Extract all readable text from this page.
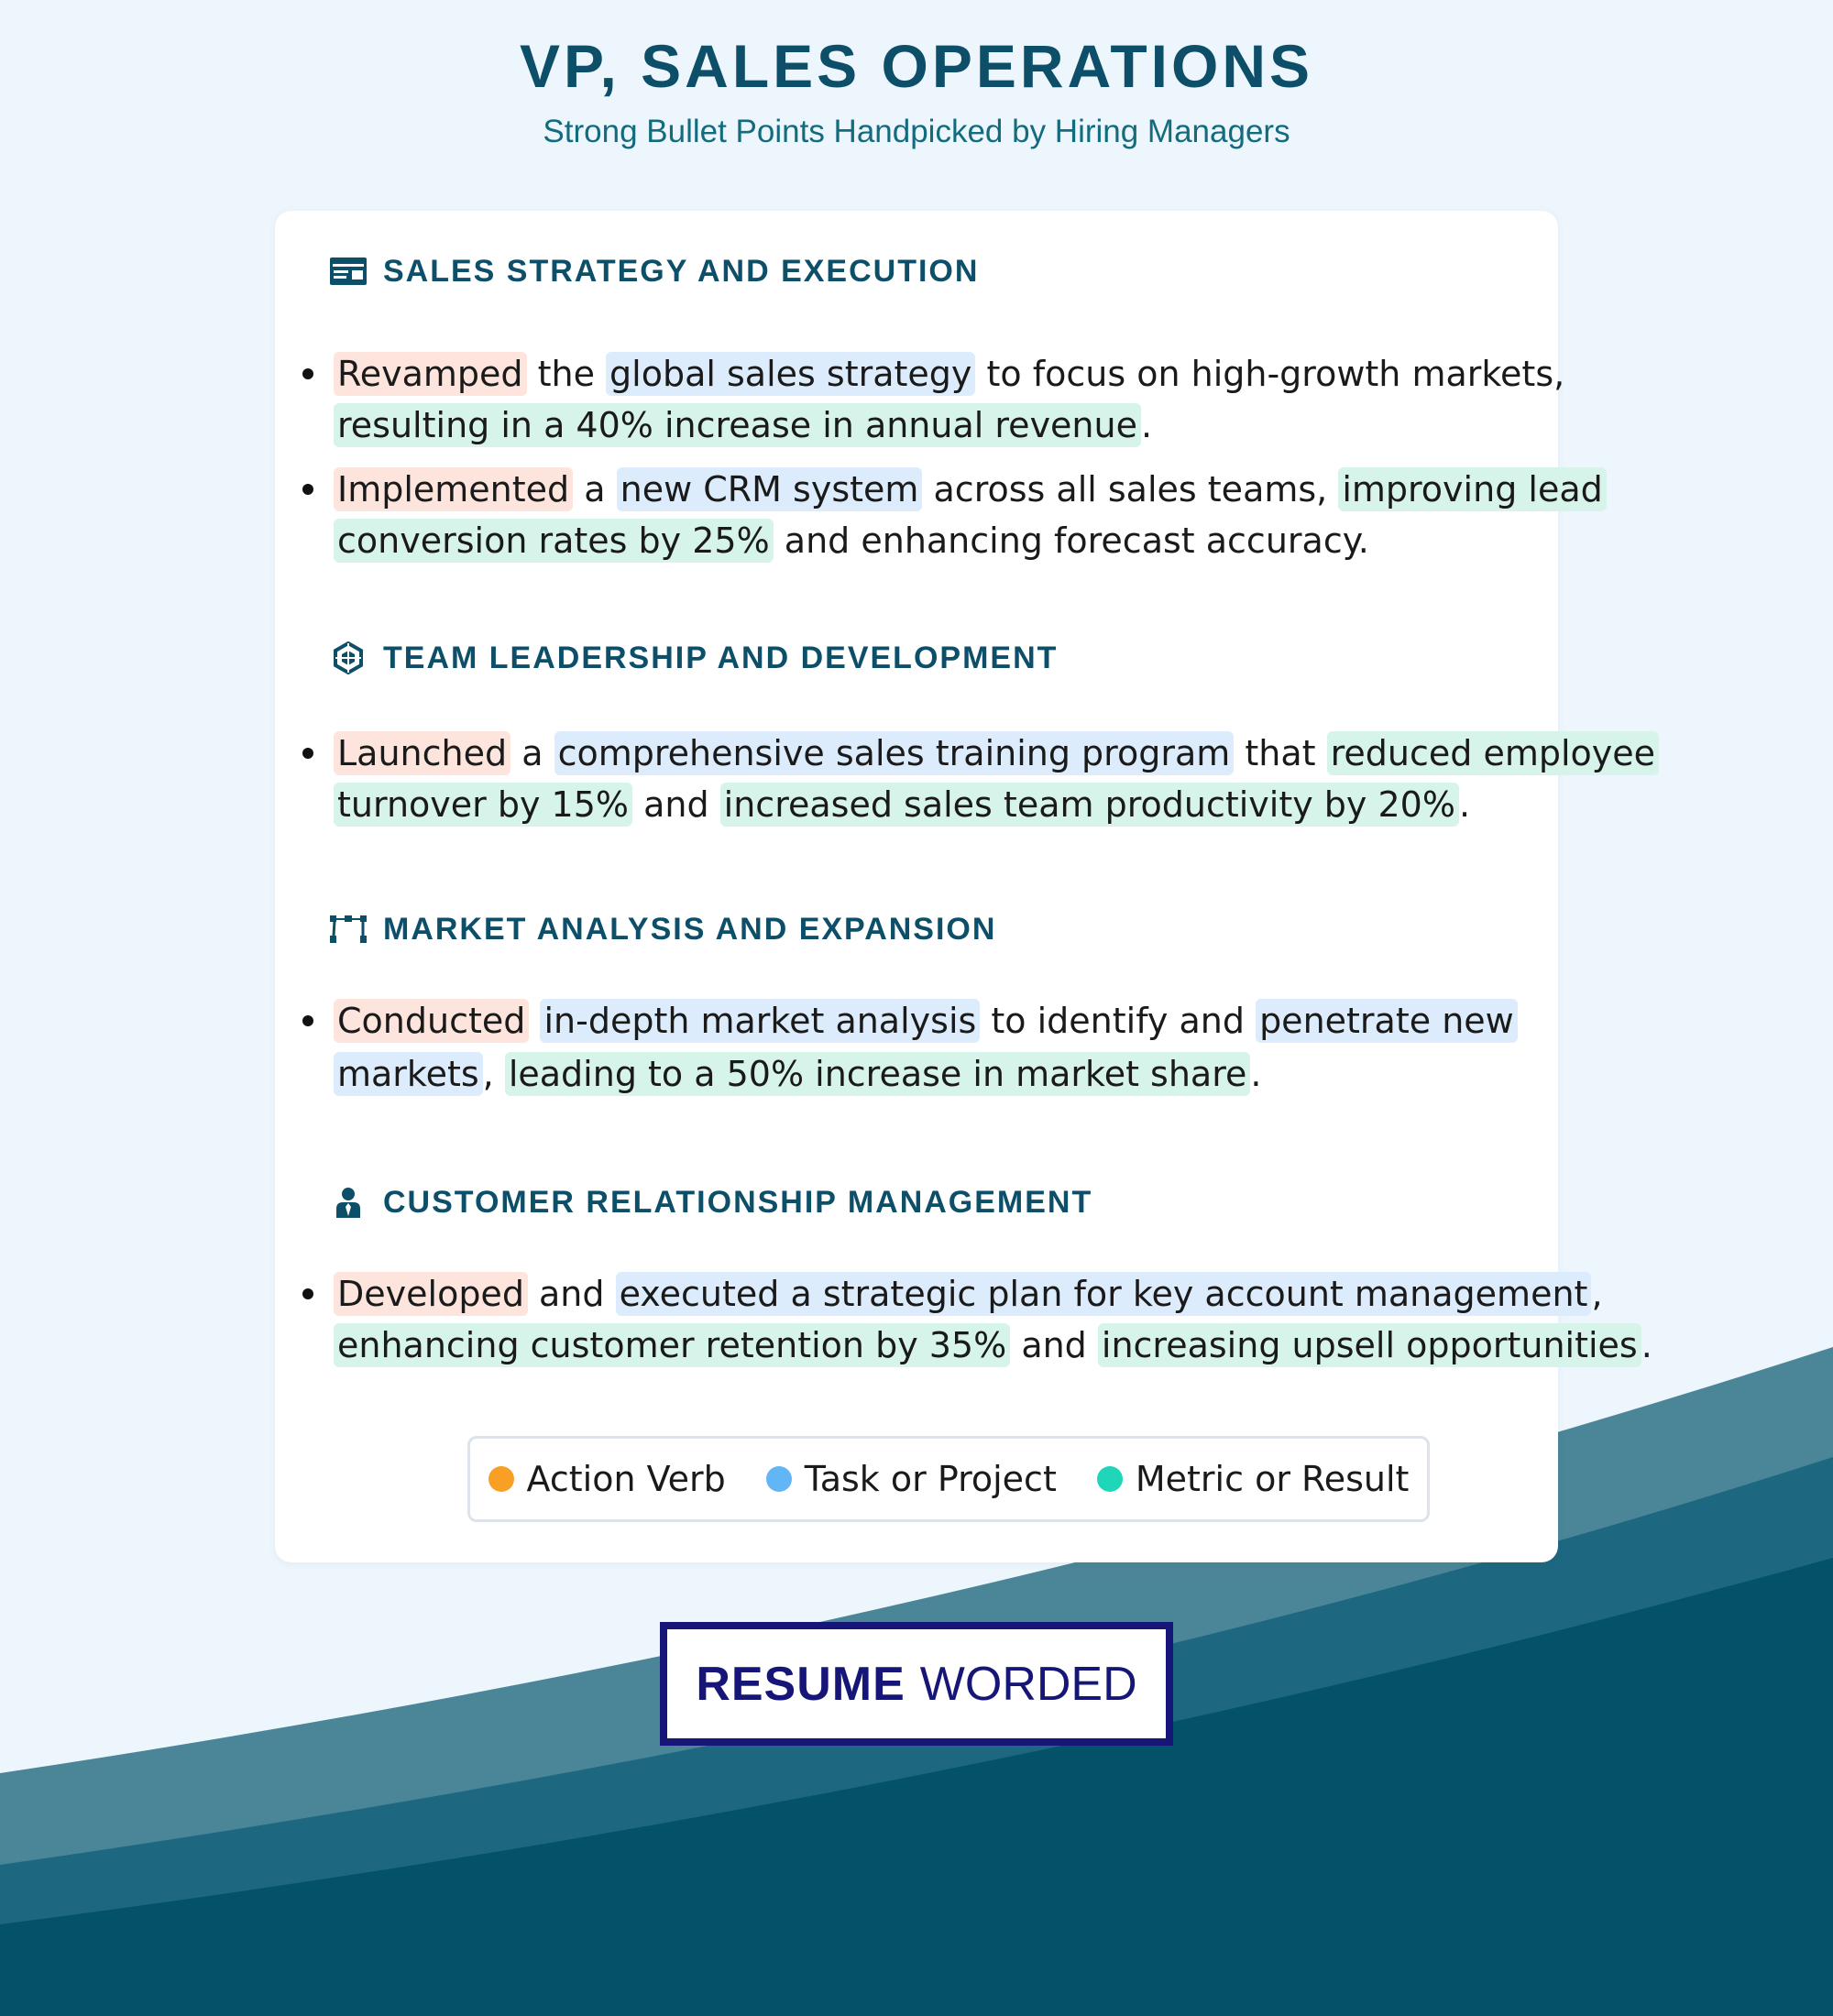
VP, SALES OPERATIONS
Strong Bullet Points Handpicked by Hiring Managers
SALES STRATEGY AND EXECUTION
Revamped the global sales strategy to focus on high-growth markets,
resulting in a 40% increase in annual revenue .
Implemented a new CRM system across all sales teams, improving lead
conversion rates by 25% and enhancing forecast accuracy.
TEAM LEADERSHIP AND DEVELOPMENT
Launched a comprehensive sales training program that reduced employee
turnover by 15% and increased sales team productivity by 20% .
MARKET ANALYSIS AND EXPANSION
Conducted in-depth market analysis to identify and penetrate new
markets , leading to a 50% increase in market share .
CUSTOMER RELATIONSHIP MANAGEMENT
Developed and executed a strategic plan for key account management ,
enhancing customer retention by 35% and increasing upsell opportunities .
Action Verb Task or Project Metric or Result
RESUME WORDED
